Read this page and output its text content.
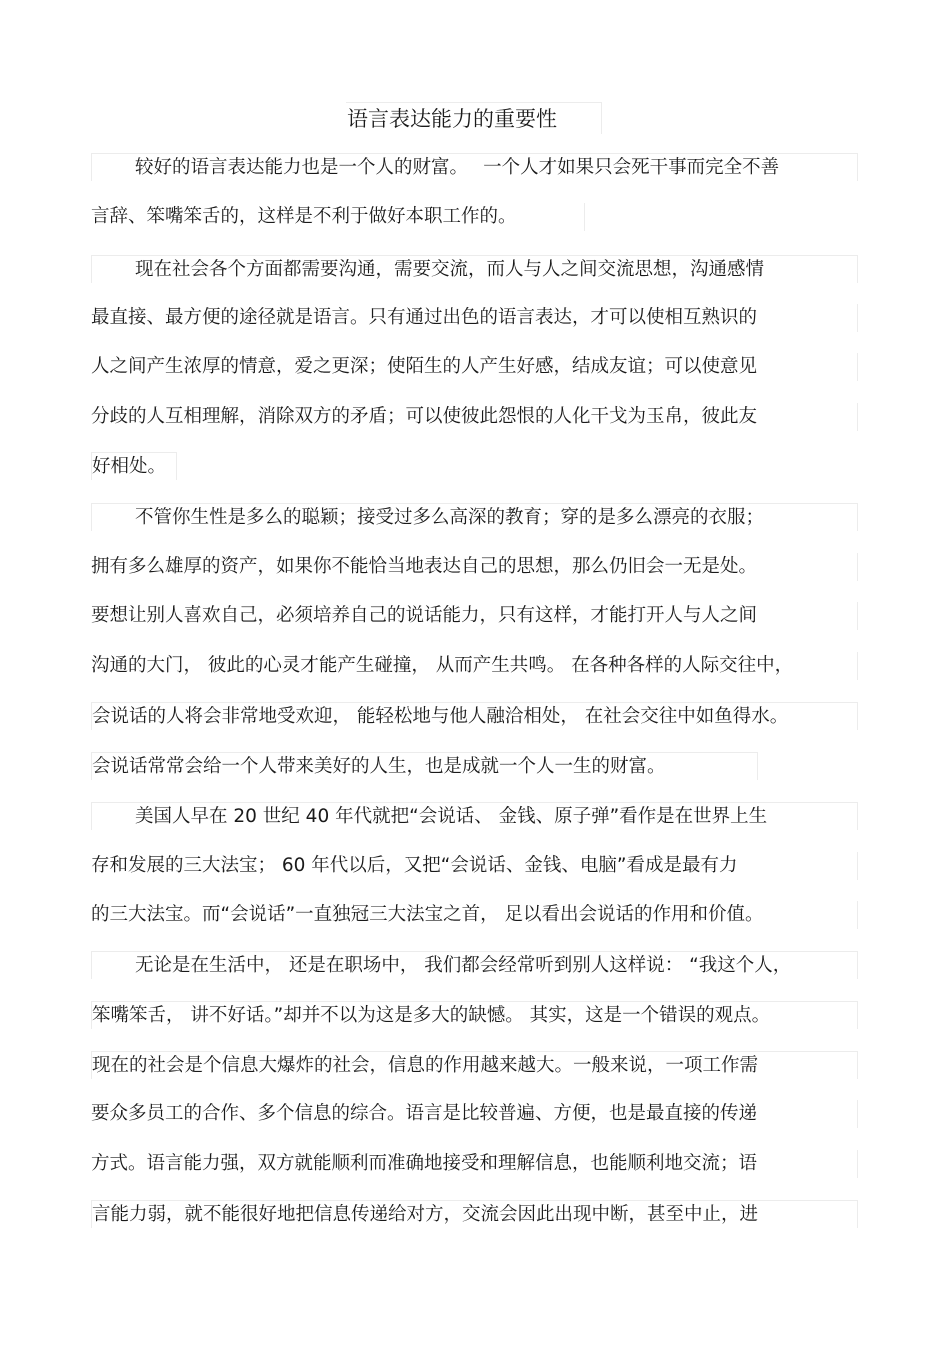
语言表达能力的重要性
较好的语言表达能力也是一个人的财富。　 一个人才如果只会死干事而完全不善
言辞、笨嘴笨舌的，这样是不利于做好本职工作的。
现在社会各个方面都需要沟通，需要交流，而人与人之间交流思想，沟通感情
最直接、最方便的途径就是语言。只有通过出色的语言表达，才可以使相互熟识的
人之间产生浓厚的情意，爱之更深；使陌生的人产生好感，结成友谊；可以使意见
分歧的人互相理解，消除双方的矛盾；可以使彼此怨恨的人化干戈为玉帛，彼此友
好相处。
不管你生性是多么的聪颖；接受过多么高深的教育；穿的是多么漂亮的衣服；
拥有多么雄厚的资产，如果你不能恰当地表达自己的思想，那么仍旧会一无是处。
要想让别人喜欢自己，必须培养自己的说话能力，只有这样，才能打开人与人之间
沟通的大门， 彼此的心灵才能产生碰撞， 从而产生共鸣。 在各种各样的人际交往中，
会说话的人将会非常地受欢迎， 能轻松地与他人融洽相处， 在社会交往中如鱼得水。
会说话常常会给一个人带来美好的人生，也是成就一个人一生的财富。
美国人早在 20 世纪 40 年代就把“会说话、 金钱、原子弹”看作是在世界上生
存和发展的三大法宝； 60 年代以后，又把“会说话、金钱、电脑”看成是最有力
的三大法宝。而“会说话”一直独冠三大法宝之首， 足以看出会说话的作用和价值。
无论是在生活中， 还是在职场中， 我们都会经常听到别人这样说： “我这个人，
笨嘴笨舌， 讲不好话。”却并不以为这是多大的缺憾。 其实，这是一个错误的观点。
现在的社会是个信息大爆炸的社会，信息的作用越来越大。一般来说，一项工作需
要众多员工的合作、多个信息的综合。语言是比较普遍、方便，也是最直接的传递
方式。语言能力强，双方就能顺利而准确地接受和理解信息，也能顺利地交流；语
言能力弱，就不能很好地把信息传递给对方，交流会因此出现中断，甚至中止，进
